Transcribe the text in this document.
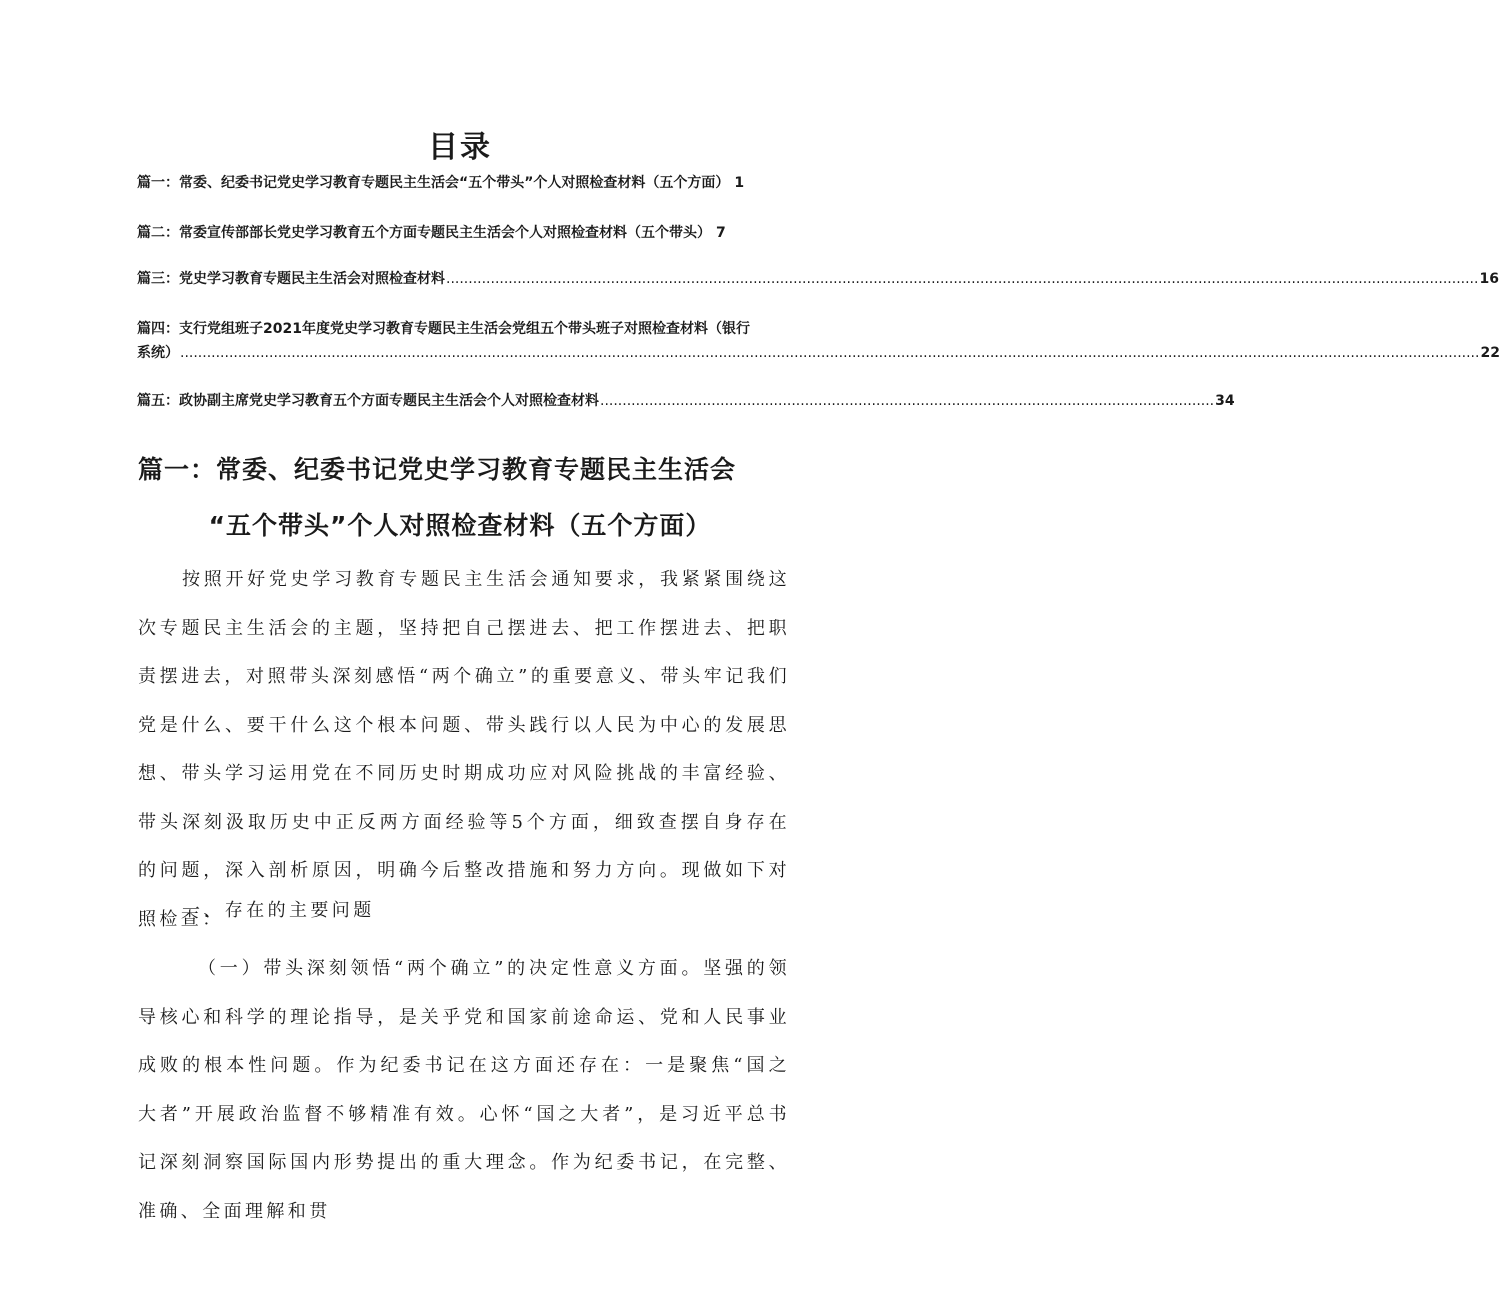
目录
篇一：常委、纪委书记党史学习教育专题民主生活会“五个带头”个人对照检查材料（五个方面） 1
篇二：常委宣传部部长党史学习教育五个方面专题民主生活会个人对照检查材料（五个带头） 7
篇三：党史学习教育专题民主生活会对照检查材料 ........................................................................................................................................................................................................................................ 16
篇四：支行党组班子2021年度党史学习教育专题民主生活会党组五个带头班子对照检查材料（银行
系统） .................................................................................................................................................................................................................................................................................................... 22
篇五：政协副主席党史学习教育五个方面专题民主生活会个人对照检查材料 .......................................................................................................................................... 34
篇一：常委、纪委书记党史学习教育专题民主生活会
“五个带头”个人对照检查材料（五个方面）

按照开好党史学习教育专题民主生活会通知要求，我紧紧围绕这次专题民主生活会的主题，坚持把自己摆进去、把工作摆进去、把职责摆进去，对照带头深刻感悟“两个确立”的重要意义、带头牢记我们党是什么、要干什么这个根本问题、带头践行以人民为中心的发展思想、带头学习运用党在不同历史时期成功应对风险挑战的丰富经验、带头深刻汲取历史中正反两方面经验等5个方面，细致查摆自身存在的问题，深入剖析原因，明确今后整改措施和努力方向。现做如下对照检查：

一、存在的主要问题

（一）带头深刻领悟“两个确立”的决定性意义方面。坚强的领导核心和科学的理论指导，是关乎党和国家前途命运、党和人民事业成败的根本性问题。作为纪委书记在这方面还存在：一是聚焦“国之大者”开展政治监督不够精准有效。心怀“国之大者”，是习近平总书记深刻洞察国际国内形势提出的重大理念。作为纪委书记，在完整、准确、全面理解和贯
